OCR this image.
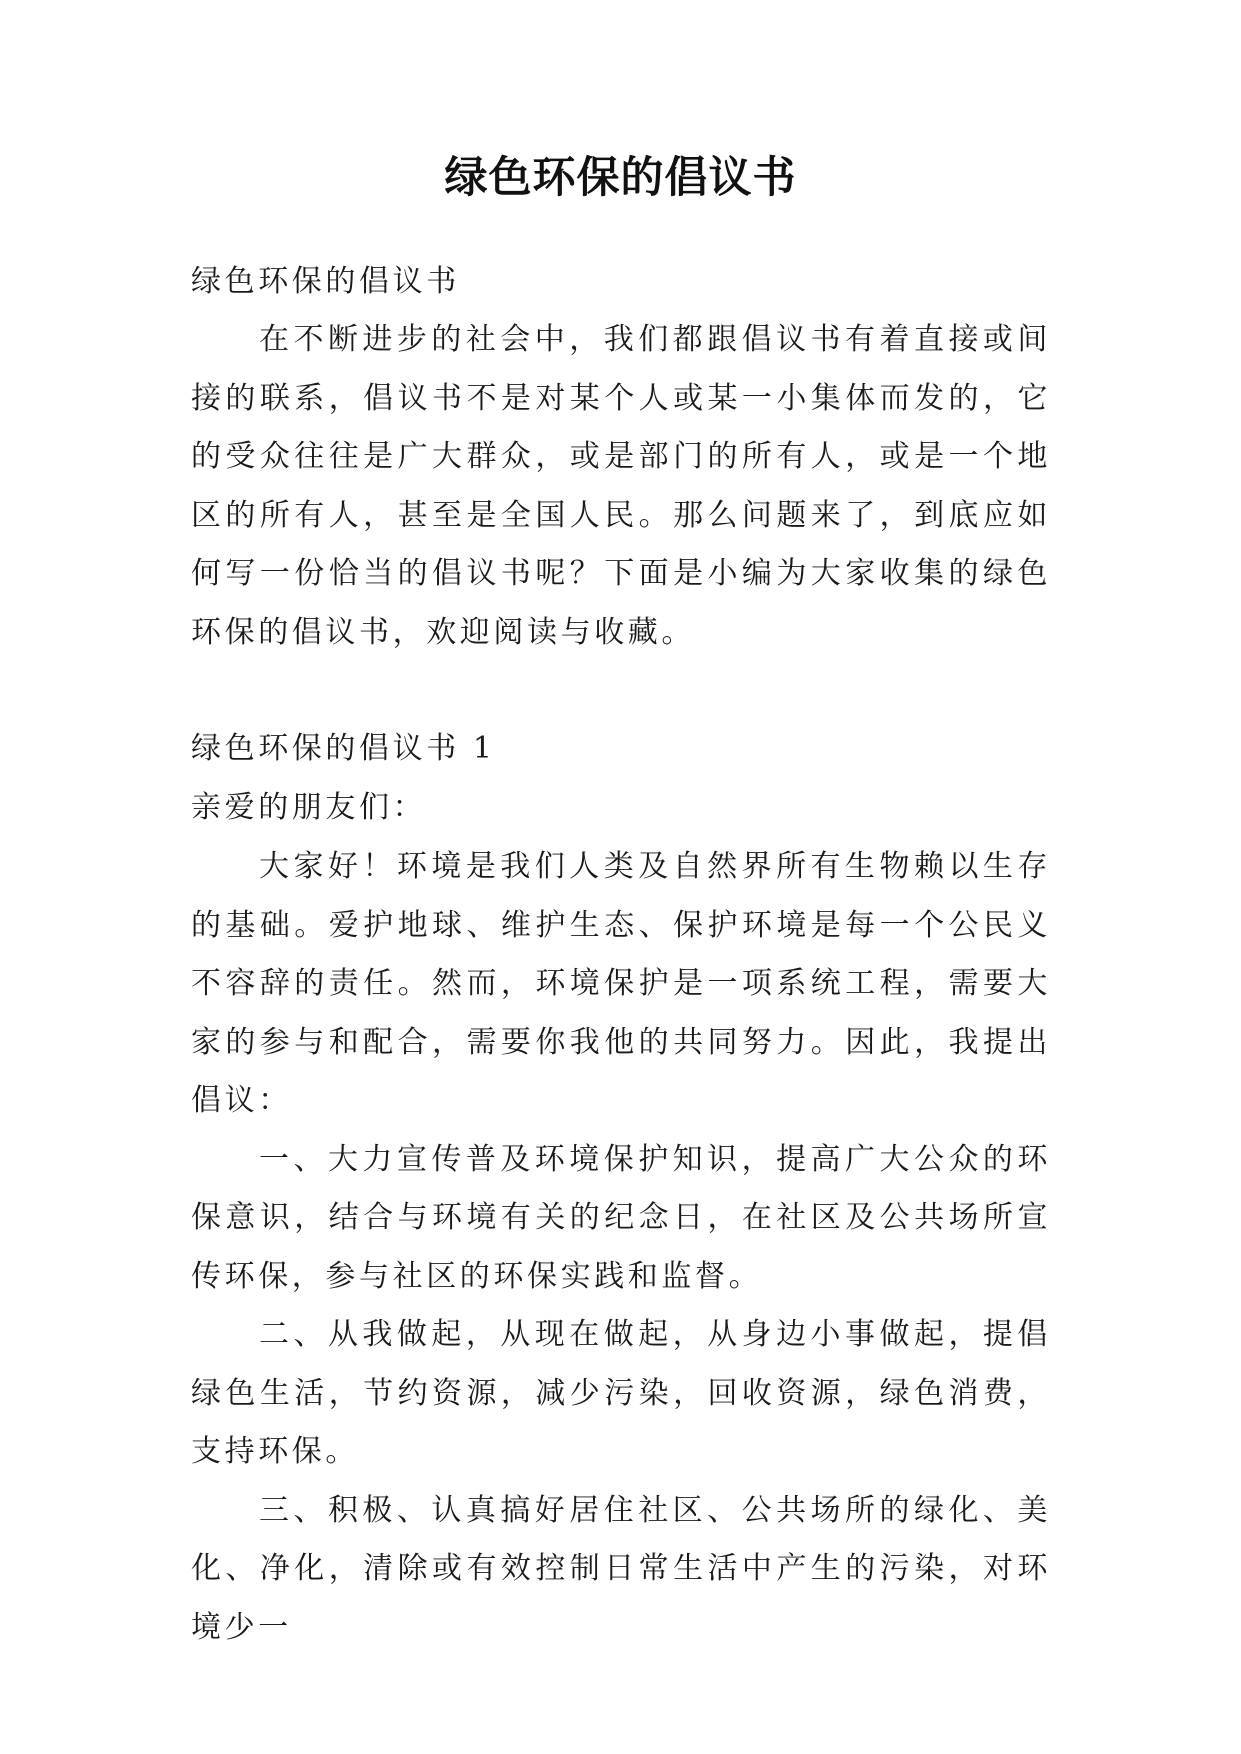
绿色环保的倡议书
绿色环保的倡议书

在不断进步的社会中，我们都跟倡议书有着直接或间接的联系，倡议书不是对某个人或某一小集体而发的，它的受众往往是广大群众，或是部门的所有人，或是一个地区的所有人，甚至是全国人民。那么问题来了，到底应如何写一份恰当的倡议书呢？下面是小编为大家收集的绿色环保的倡议书，欢迎阅读与收藏。

绿色环保的倡议书 1
亲爱的朋友们：

大家好！环境是我们人类及自然界所有生物赖以生存的基础。爱护地球、维护生态、保护环境是每一个公民义不容辞的责任。然而，环境保护是一项系统工程，需要大家的参与和配合，需要你我他的共同努力。因此，我提出倡议：

一、大力宣传普及环境保护知识，提高广大公众的环保意识，结合与环境有关的纪念日，在社区及公共场所宣传环保，参与社区的环保实践和监督。

二、从我做起，从现在做起，从身边小事做起，提倡绿色生活，节约资源，减少污染，回收资源，绿色消费，支持环保。

三、积极、认真搞好居住社区、公共场所的绿化、美化、净化，清除或有效控制日常生活中产生的污染，对环境少一
